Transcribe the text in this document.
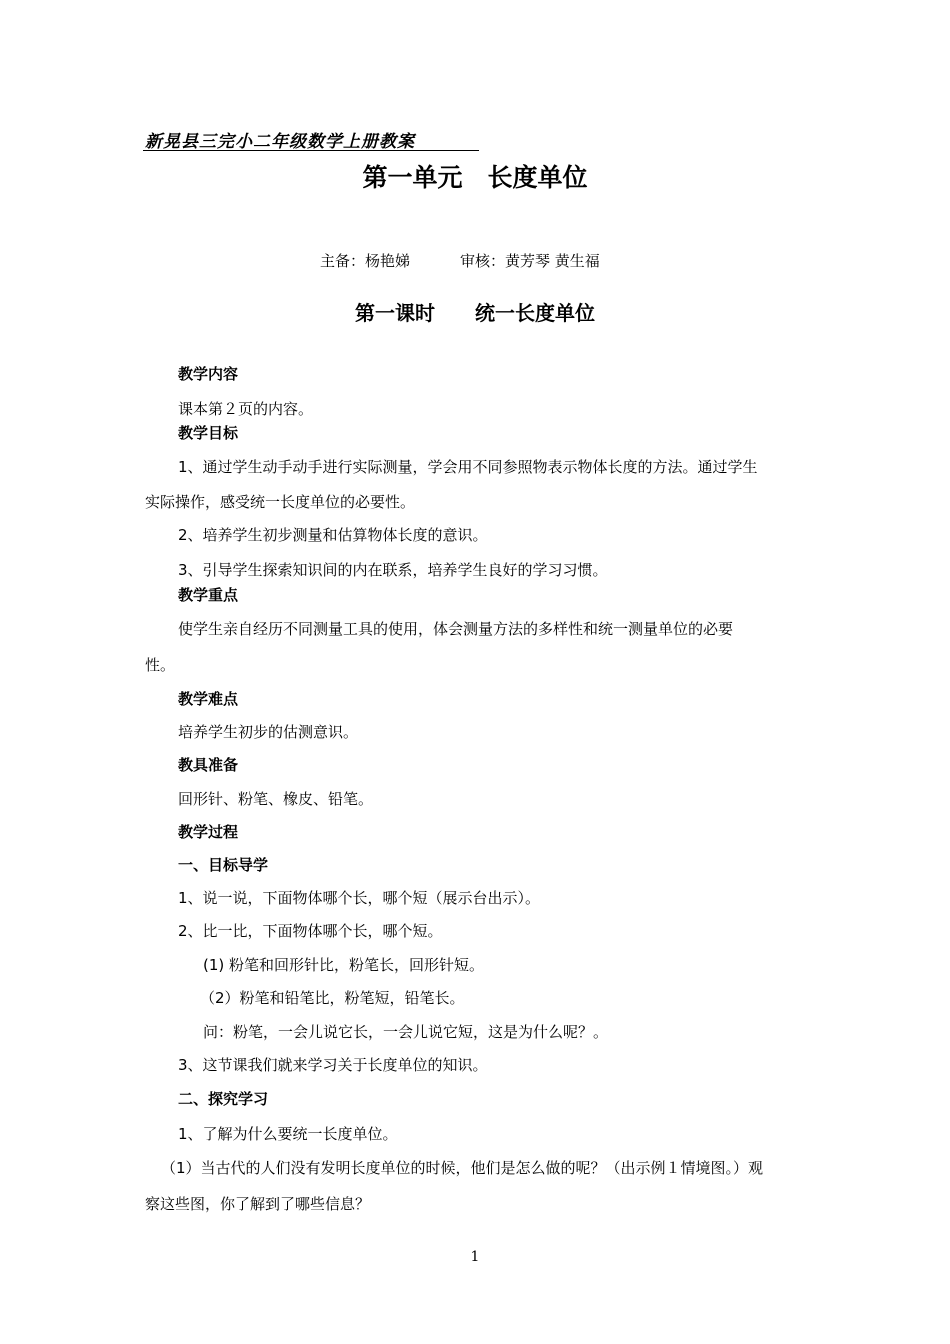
新晃县三完小二年级数学上册教案
第一单元　长度单位
主备：杨艳娣	审核：黄芳琴 黄生福
第一课时 统一长度单位
教学内容
课本第２页的内容。
教学目标
1、通过学生动手动手进行实际测量，学会用不同参照物表示物体长度的方法。通过学生
实际操作，感受统一长度单位的必要性。
2、培养学生初步测量和估算物体长度的意识。
3、引导学生探索知识间的内在联系，培养学生良好的学习习惯。
教学重点
使学生亲自经历不同测量工具的使用，体会测量方法的多样性和统一测量单位的必要
性。
教学难点
培养学生初步的估测意识。
教具准备
回形针、粉笔、橡皮、铅笔。
教学过程
一、目标导学
1、说一说，下面物体哪个长，哪个短（展示台出示）。
2、比一比，下面物体哪个长，哪个短。
(1) 粉笔和回形针比，粉笔长，回形针短。
（2）粉笔和铅笔比，粉笔短，铅笔长。
问：粉笔，一会儿说它长，一会儿说它短，这是为什么呢？。
3、这节课我们就来学习关于长度单位的知识。
二、探究学习
1、了解为什么要统一长度单位。
（1）当古代的人们没有发明长度单位的时候，他们是怎么做的呢？（出示例１情境图。）观
察这些图，你了解到了哪些信息？
1
